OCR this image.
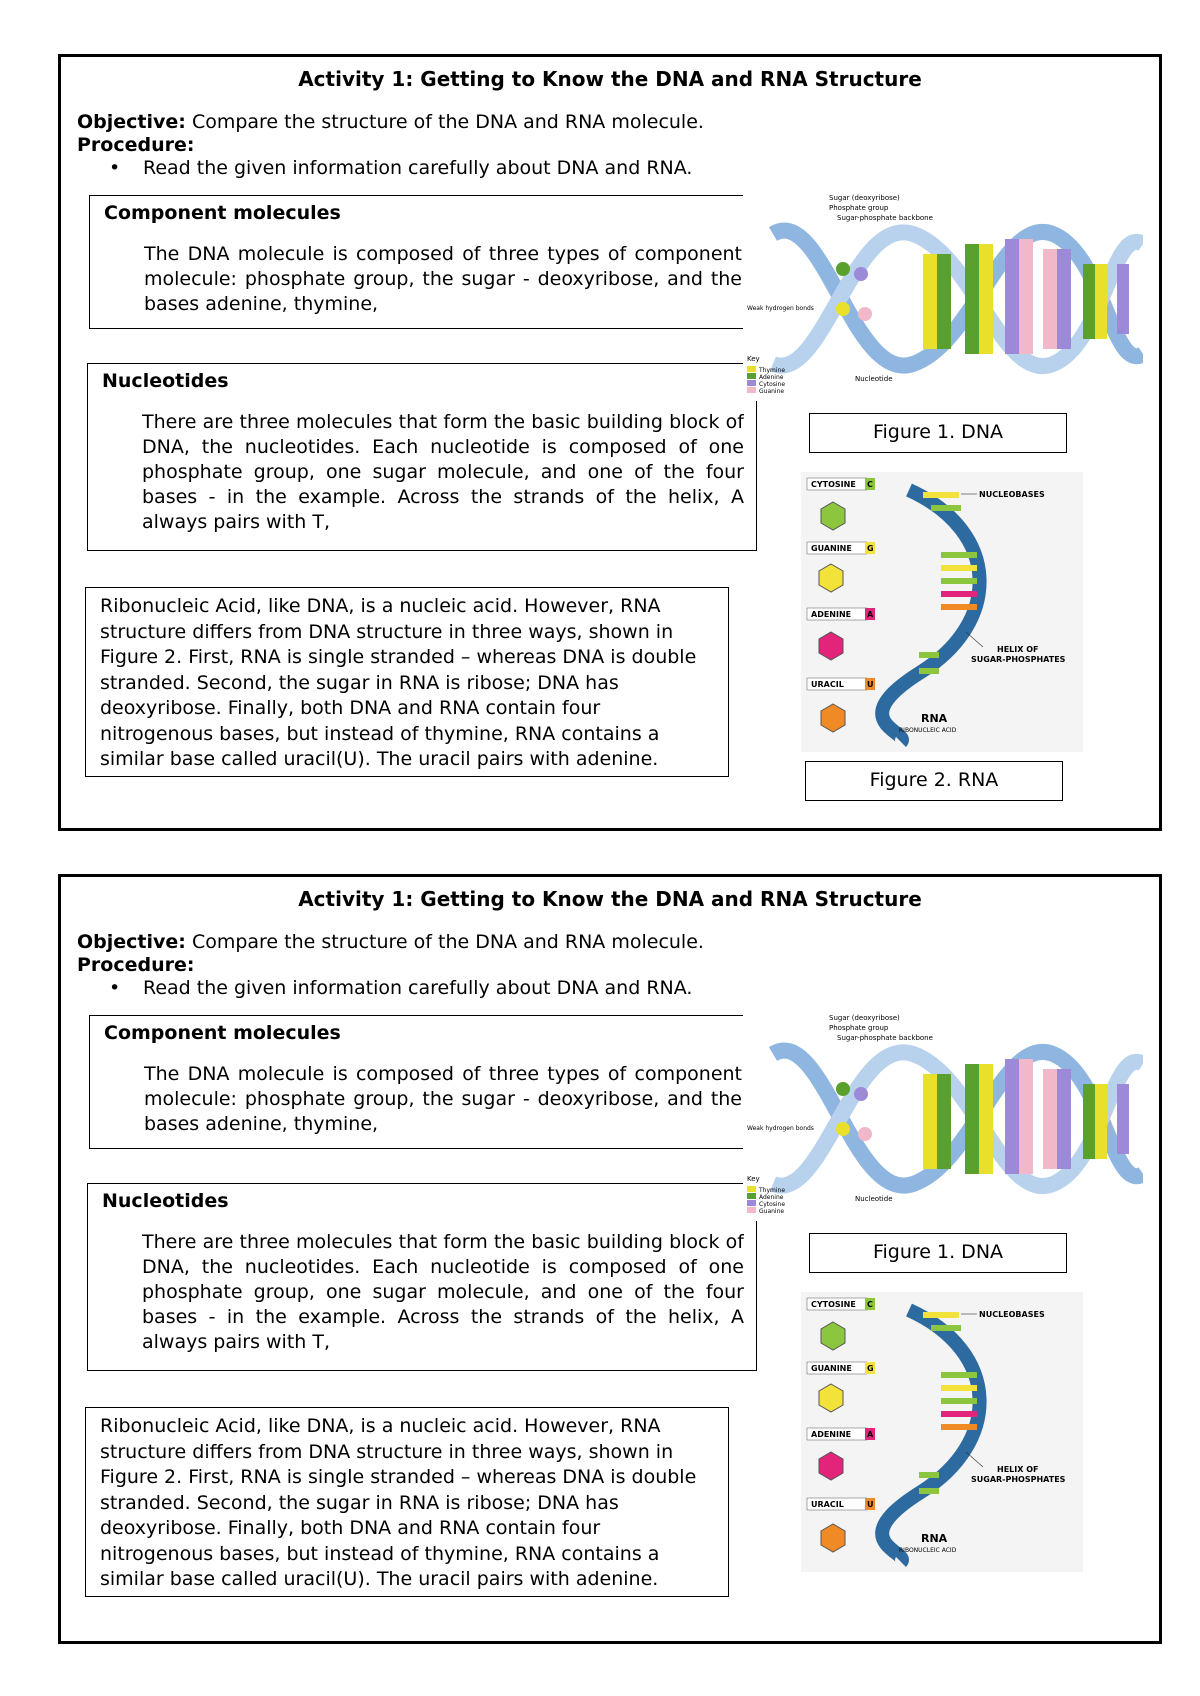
Activity 1: Getting to Know the DNA and RNA Structure
Objective: Compare the structure of the DNA and RNA molecule.
Procedure:
• Read the given information carefully about DNA and RNA.
Component molecules
• The DNA molecule is composed of three types of component molecule: phosphate group, the sugar - deoxyribose, and the bases adenine, thymine,
Nucleotides
• There are three molecules that form the basic building block of DNA, the nucleotides. Each nucleotide is composed of one phosphate group, one sugar molecule, and one of the four bases - in the example. Across the strands of the helix, A always pairs with T,
Ribonucleic Acid, like DNA, is a nucleic acid. However, RNA structure differs from DNA structure in three ways, shown in Figure 2. First, RNA is single stranded – whereas DNA is double stranded. Second, the sugar in RNA is ribose; DNA has deoxyribose. Finally, both DNA and RNA contain four nitrogenous bases, but instead of thymine, RNA contains a similar base called uracil(U). The uracil pairs with adenine.
Sugar (deoxyribose)
Phosphate group
Sugar-phosphate backbone
Weak hydrogen bonds
Nucleotide
Key
Thymine
Adenine
Cytosine
Guanine
Figure 1. DNA
CYTOSINE C
GUANINE G
ADENINE A
URACIL	U
NUCLEOBASES
HELIX OF
SUGAR-PHOSPHATES
RNA
RIBONUCLEIC ACID
Figure 2. RNA
Activity 1: Getting to Know the DNA and RNA Structure
Objective: Compare the structure of the DNA and RNA molecule.
Procedure:
• Read the given information carefully about DNA and RNA.
Component molecules
• The DNA molecule is composed of three types of component molecule: phosphate group, the sugar - deoxyribose, and the bases adenine, thymine,
Nucleotides
• There are three molecules that form the basic building block of DNA, the nucleotides. Each nucleotide is composed of one phosphate group, one sugar molecule, and one of the four bases - in the example. Across the strands of the helix, A always pairs with T,
Ribonucleic Acid, like DNA, is a nucleic acid. However, RNA structure differs from DNA structure in three ways, shown in Figure 2. First, RNA is single stranded – whereas DNA is double stranded. Second, the sugar in RNA is ribose; DNA has deoxyribose. Finally, both DNA and RNA contain four nitrogenous bases, but instead of thymine, RNA contains a similar base called uracil(U). The uracil pairs with adenine.
Sugar (deoxyribose)
Phosphate group
Sugar-phosphate backbone
Weak hydrogen bonds
Nucleotide
Key
Thymine
Adenine
Cytosine
Guanine
Figure 1. DNA
CYTOSINE C
GUANINE G
ADENINE A
URACIL	U
NUCLEOBASES
HELIX OF
SUGAR-PHOSPHATES
RNA
RIBONUCLEIC ACID
